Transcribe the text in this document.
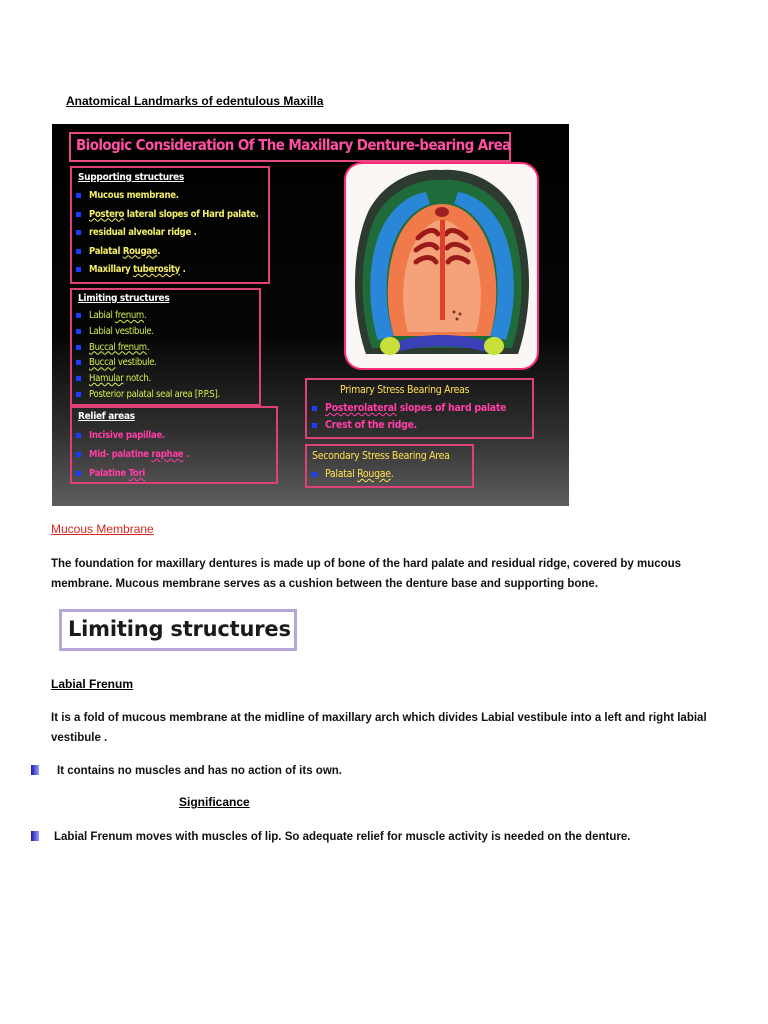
Anatomical Landmarks of edentulous Maxilla
Biologic Consideration Of The Maxillary Denture-bearing Area
Supporting structures
Mucous membrane.
Postero lateral slopes of Hard palate.
residual alveolar ridge .
Palatal Rougae.
Maxillary tuberosity .
Limiting structures
Labial frenum.
Labial vestibule.
Buccal frenum.
Buccal vestibule.
Hamular notch.
Posterior palatal seal area [P.P.S].
Relief areas
Incisive papillae.
Mid- palatine raphae .
Palatine Tori
Primary Stress Bearing Areas
Posterolateral slopes of hard palate
Crest of the ridge.
Secondary Stress Bearing Area
Palatal Rougae.
Mucous Membrane
The foundation for maxillary dentures is made up of bone of the hard palate and residual ridge, covered by mucous membrane. Mucous membrane serves as a cushion between the denture base and supporting bone.
Limiting structures
Labial Frenum
It is a fold of mucous membrane at the midline of maxillary arch which divides Labial vestibule into a left and right labial vestibule .
It contains no muscles and has no action of its own.
Significance
Labial Frenum moves with muscles of lip. So adequate relief for muscle activity is needed on the denture.
